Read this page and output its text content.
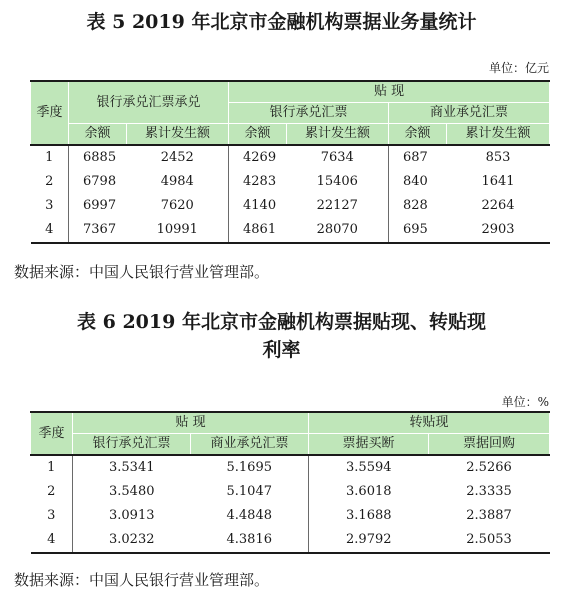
表 5 2019 年北京市金融机构票据业务量统计
单位：亿元
季度	银行承兑汇票承兑		贴 现			
			银行承兑汇票		商业承兑汇票	
	余额	累计发生额	余额	累计发生额	余额	累计发生额
1	6885	2452	4269	7634	687	853
2	6798	4984	4283	15406	840	1641
3	6997	7620	4140	22127	828	2264
4	7367	10991	4861	28070	695	2903
数据来源：中国人民银行营业管理部。
表 6 2019 年北京市金融机构票据贴现、转贴现
利率
单位：%
季度	贴 现		转贴现	
	银行承兑汇票	商业承兑汇票	票据买断	票据回购
1	3.5341	5.1695	3.5594	2.5266
2	3.5480	5.1047	3.6018	2.3335
3	3.0913	4.4848	3.1688	2.3887
4	3.0232	4.3816	2.9792	2.5053
数据来源：中国人民银行营业管理部。
